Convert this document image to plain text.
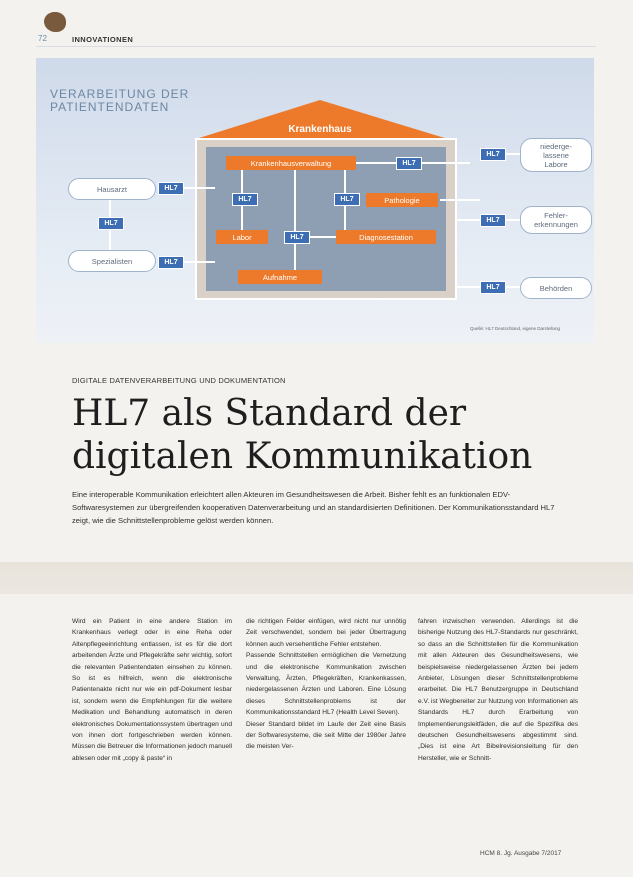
72	INNOVATIONEN
VERARBEITUNG DER
PATIENTENDATEN
Krankenhaus
Krankenhausverwaltung
Pathologie
Labor	Diagnosestation
Aufnahme
HL7
HL7	HL7
HL7
HL7
HL7
HL7
HL7
HL7
HL7
Hausarzt
Spezialisten
niederge-
lassene
Labore
Fehler-
erkennungen
Behörden
Quelle: HL7 Deutschland, eigene Darstellung
DIGITALE DATENVERARBEITUNG UND DOKUMENTATION
HL7 als Standard der
digitalen Kommunikation
Eine interoperable Kommunikation erleichtert allen Akteuren im Gesundheitswesen die Arbeit. Bisher fehlt es an funktionalen EDV-Softwaresystemen zur übergreifenden kooperativen Datenverarbeitung und an standardisierten Definitionen. Der Kommunikationsstandard HL7 zeigt, wie die Schnittstellenprobleme gelöst werden können.
Wird ein Patient in eine andere Station im Krankenhaus verlegt oder in eine Reha oder Altenpflegeeinrichtung entlassen, ist es für die dort arbeitenden Ärzte und Pflegekräfte sehr wichtig, sofort die relevanten Patientendaten einsehen zu können. So ist es hilfreich, wenn die elektronische Patientenakte nicht nur wie ein pdf-Dokument lesbar ist, sondern wenn die Empfehlungen für die weitere Medikation und Behandlung automatisch in deren elektronisches Dokumentationssystem übertragen und von ihnen dort fortgeschrieben werden können. Müssen die Betreuer die Informationen jedoch manuell ablesen oder mit „copy & paste“ in
die richtigen Felder einfügen, wird nicht nur unnötig Zeit verschwendet, sondern bei jeder Übertragung können auch versehentliche Fehler entstehen.
Passende Schnittstellen ermöglichen die Vernetzung und die elektronische Kommunikation zwischen Verwaltung, Ärzten, Pflegekräften, Krankenkassen, niedergelassenen Ärzten und Laboren. Eine Lösung dieses Schnittstellenproblems ist der Kommunikationsstandard HL7 (Health Level Seven).
Dieser Standard bildet im Laufe der Zeit eine Basis der Softwaresysteme, die seit Mitte der 1980er Jahre die meisten Ver-
fahren inzwischen verwenden. Allerdings ist die bisherige Nutzung des HL7-Standards nur geschränkt, so dass an die Schnittstellen für die Kommunikation mit allen Akteuren des Gesundheitswesens, wie beispielsweise niedergelassenen Ärzten bei jedem Anbieter, Lösungen dieser Schnittstellenprobleme erarbeitet. Die HL7 Benutzergruppe in Deutschland e.V. ist Wegbereiter zur Nutzung von Informationen als Standards HL7 durch Erarbeitung von Implementierungsleitfäden, die auf die Spezifika des deutschen Gesundheitswesens abgestimmt sind. „Dies ist eine Art Bibelrevisionsleitung für den Hersteller, wie er Schnitt-
HCM 8. Jg. Ausgabe 7/2017
